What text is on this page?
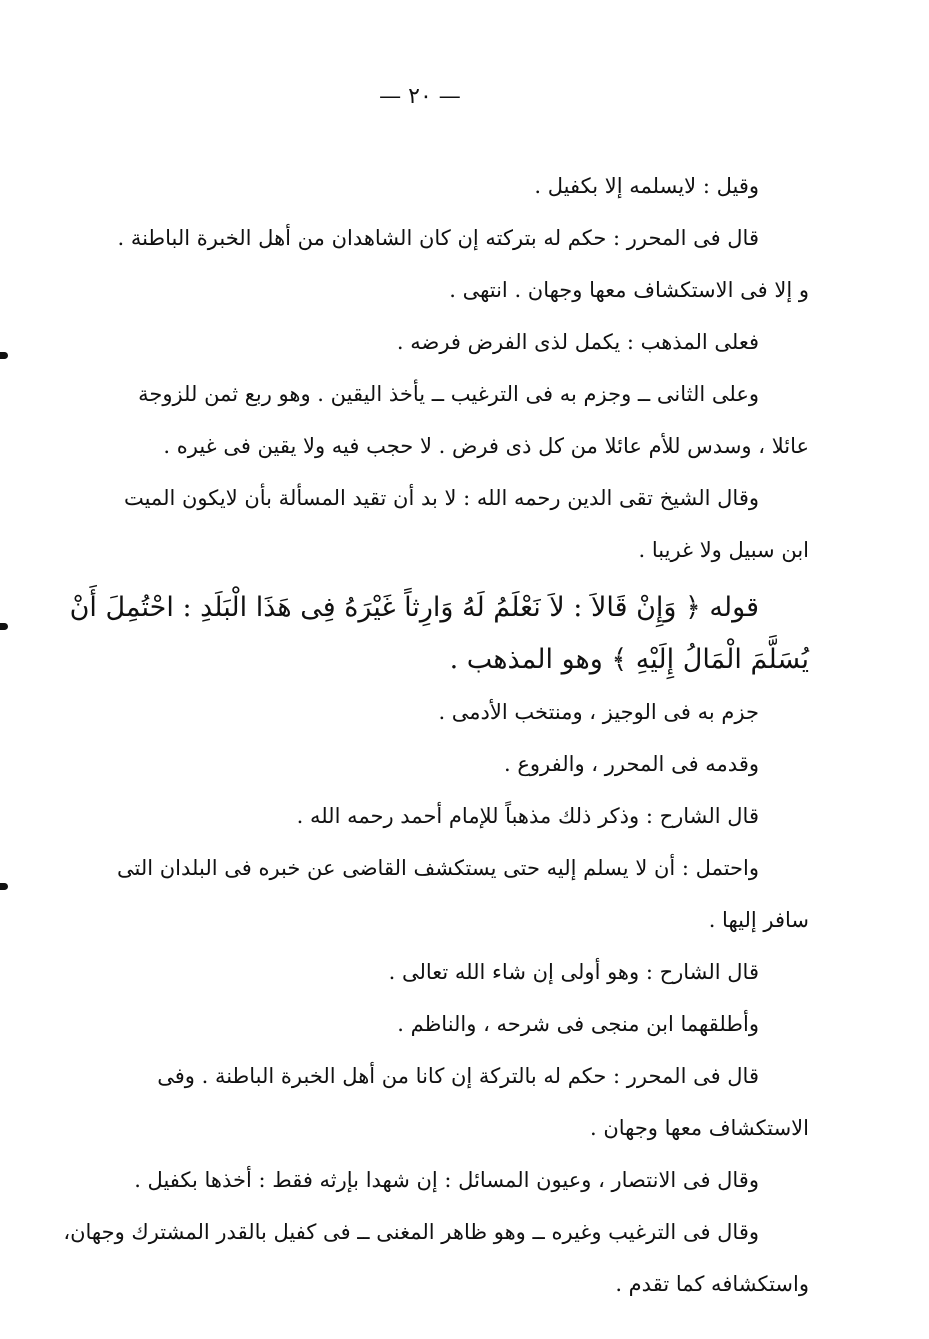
— ٢٠ —
وقيل : لايسلمه إلا بكفيل .
قال فى المحرر : حكم له بتركته إن كان الشاهدان من أهل الخبرة الباطنة .
و إلا فى الاستكشاف معها وجهان . انتهى .
فعلى المذهب : يكمل لذى الفرض فرضه .
وعلى الثانى ــ وجزم به فى الترغيب ــ يأخذ اليقين . وهو ربع ثمن للزوجة
عائلا ، وسدس للأم عائلا من كل ذى فرض . لا حجب فيه ولا يقين فى غيره .
وقال الشيخ تقى الدين رحمه الله : لا بد أن تقيد المسألة بأن لايكون الميت
ابن سبيل ولا غريبا .
قوله ﴿ وَإِنْ قَالاَ : لاَ نَعْلَمُ لَهُ وَارِثاً غَيْرَهُ فِى هَذَا الْبَلَدِ : احْتُمِلَ أَنْ
يُسَلَّمَ الْمَالُ إِلَيْهِ ﴾ وهو المذهب .
جزم به فى الوجيز ، ومنتخب الأدمى .
وقدمه فى المحرر ، والفروع .
قال الشارح : وذكر ذلك مذهباً للإمام أحمد رحمه الله .
واحتمل : أن لا يسلم إليه حتى يستكشف القاضى عن خبره فى البلدان التى
سافر إليها .
قال الشارح : وهو أولى إن شاء الله تعالى .
وأطلقهما ابن منجى فى شرحه ، والناظم .
قال فى المحرر : حكم له بالتركة إن كانا من أهل الخبرة الباطنة . وفى
الاستكشاف معها وجهان .
وقال فى الانتصار ، وعيون المسائل : إن شهدا بإرثه فقط : أخذها بكفيل .
وقال فى الترغيب وغيره ــ وهو ظاهر المغنى ــ فى كفيل بالقدر المشترك وجهان،
واستكشافه كما تقدم .
